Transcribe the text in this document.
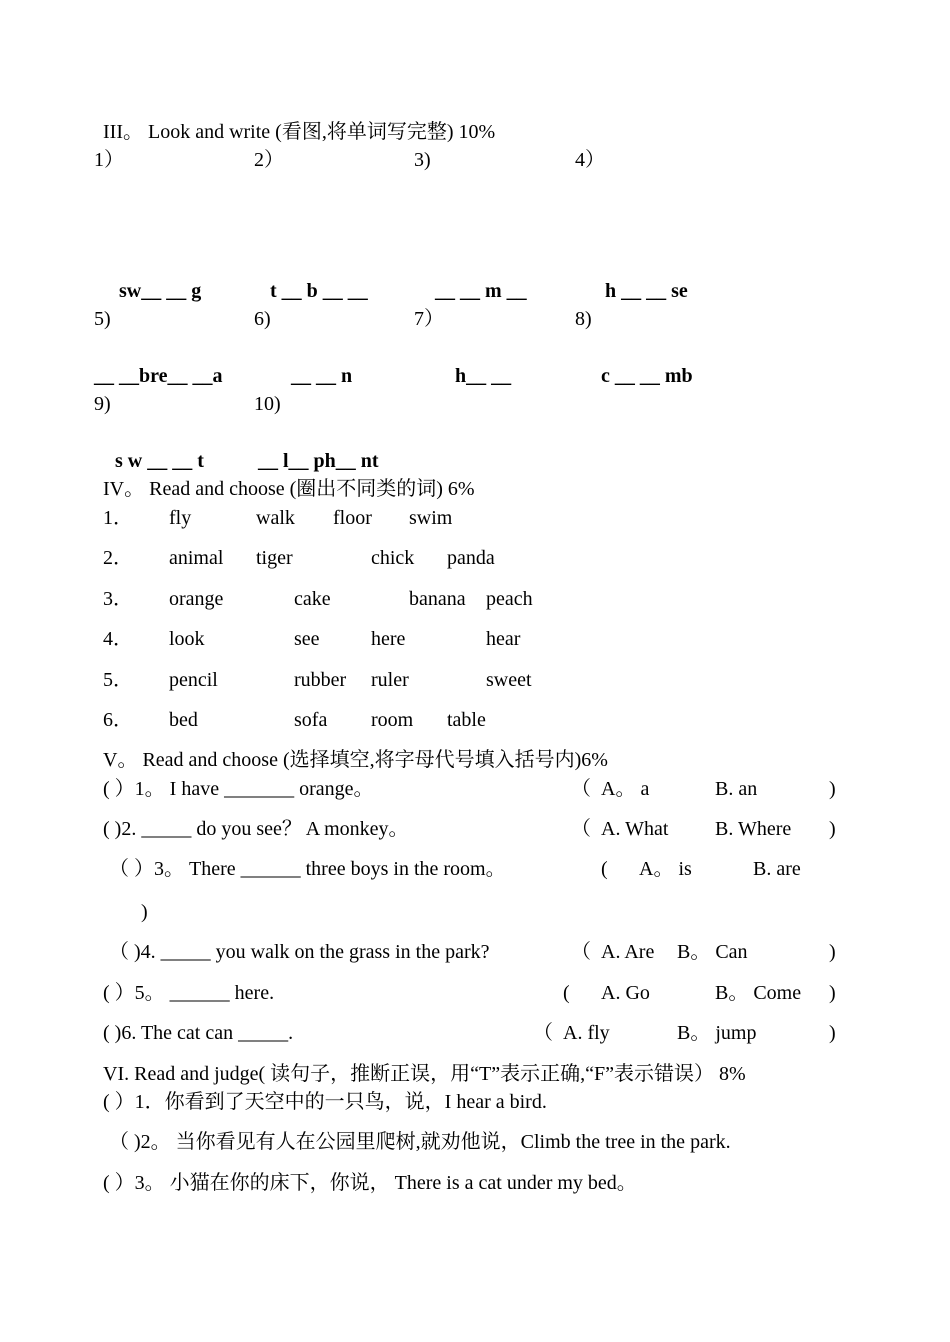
III。 Look and write (看图,将单词写完整) 10%
1）	2）	3)	4）
sw__ __ g	t __ b __ __	__ __ m __	h __ __ se
5)	6)	7）	8)
__ __bre__ __a	__ __ n	h__ __	c __ __ mb
9)	10)
s w __ __ t	__ l__ ph__ nt
IV。 Read and choose (圈出不同类的词) 6%
1． fly	walk floor swim
2． animal tiger	chick panda
3． orange	cake	banana peach
4． look	see	here	hear
5． pencil	rubber ruler	sweet
6． bed	sofa room table
V。 Read and choose (选择填空,将字母代号填入括号内)6%
( ）1。 I have _______ orange。	（ A。 a	B. an	)
( )2. _____ do you see？ A monkey。	（ A. What B. Where )
（ ）3。 There ______ three boys in the room。	( A。 is	B. are
)
（ )4. _____ you walk on the grass in the park?	（ A. Are B。 Can	)
( ）5。 ______ here.	( A. Go	B。 Come )
( )6. The cat can _____.	（ A. fly	B。 jump	)
VI. Read and judge( 读句子，推断正误，用“T”表示正确,“F”表示错误） 8%
( ）1．你看到了天空中的一只鸟，说，I hear a bird.
（ )2。 当你看见有人在公园里爬树,就劝他说，Climb the tree in the park.
( ）3。 小猫在你的床下，你说， There is a cat under my bed。
